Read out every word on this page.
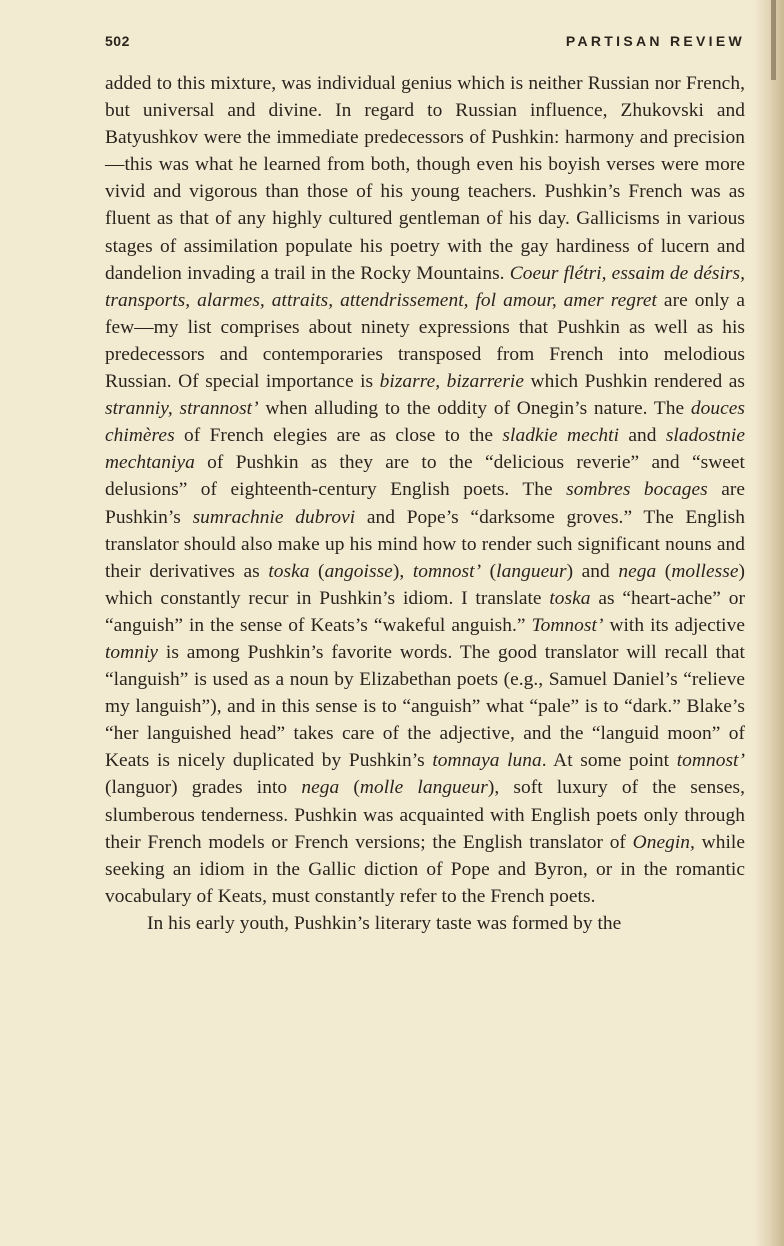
502	PARTISAN REVIEW

added to this mixture, was individual genius which is neither Russian nor French, but universal and divine. In regard to Russian influence, Zhukovski and Batyushkov were the immediate predecessors of Pushkin: harmony and precision—this was what he learned from both, though even his boyish verses were more vivid and vigorous than those of his young teachers. Pushkin’s French was as fluent as that of any highly cultured gentleman of his day. Gallicisms in various stages of assimilation populate his poetry with the gay hardiness of lucern and dandelion invading a trail in the Rocky Mountains. Coeur flétri, essaim de désirs, transports, alarmes, attraits, attendrissement, fol amour, amer regret are only a few—my list comprises about ninety expressions that Pushkin as well as his predecessors and contemporaries transposed from French into melodious Russian. Of special importance is bizarre, bizarrerie which Pushkin rendered as stranniy, strannost’ when alluding to the oddity of Onegin’s nature. The douces chimères of French elegies are as close to the sladkie mechti and sladostnie mechtaniya of Pushkin as they are to the “delicious reverie” and “sweet delusions” of eighteenth-century English poets. The sombres bocages are Pushkin’s sumrachnie dubrovi and Pope’s “darksome groves.” The English translator should also make up his mind how to render such significant nouns and their derivatives as toska (angoisse), tomnost’ (langueur) and nega (mollesse) which constantly recur in Pushkin’s idiom. I translate toska as “heart-ache” or “anguish” in the sense of Keats’s “wakeful anguish.” Tomnost’ with its adjective tomniy is among Pushkin’s favorite words. The good translator will recall that “languish” is used as a noun by Elizabethan poets (e.g., Samuel Daniel’s “relieve my languish”), and in this sense is to “anguish” what “pale” is to “dark.” Blake’s “her languished head” takes care of the adjective, and the “languid moon” of Keats is nicely duplicated by Pushkin’s tomnaya luna. At some point tomnost’ (languor) grades into nega (molle langueur), soft luxury of the senses, slumberous tenderness. Pushkin was acquainted with English poets only through their French models or French versions; the English translator of Onegin, while seeking an idiom in the Gallic diction of Pope and Byron, or in the romantic vocabulary of Keats, must constantly refer to the French poets.

In his early youth, Pushkin’s literary taste was formed by the
